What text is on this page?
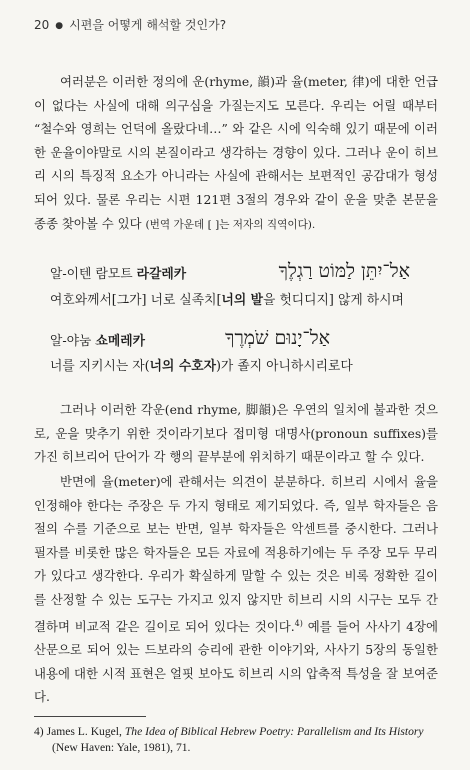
20 ● 시편을 어떻게 해석할 것인가?
여러분은 이러한 정의에 운(rhyme, 韻)과 율(meter, 律)에 대한 언급이 없다는 사실에 대해 의구심을 가질는지도 모른다. 우리는 어릴 때부터 “철수와 영희는 언덕에 올랐다네…” 와 같은 시에 익숙해 있기 때문에 이러한 운율이야말로 시의 본질이라고 생각하는 경향이 있다. 그러나 운이 히브리 시의 특징적 요소가 아니라는 사실에 관해서는 보편적인 공감대가 형성되어 있다. 물론 우리는 시편 121편 3절의 경우와 같이 운을 맞춘 본문을 종종 찾아볼 수 있다 (번역 가운데 [ ]는 저자의 직역이다).
알-이텐 람모트 라갈레카	אַל־יִתֵּן לַמּוֹט רַגְלֶךָ
여호와께서[그가] 너로 실족치[너의 발을 헛디디지] 않게 하시며
알-야눔 쇼메레카	אַל־יָנוּם שֹׁמְרֶךָ
너를 지키시는 자(너의 수호자)가 졸지 아니하시리로다
그러나 이러한 각운(end rhyme, 脚韻)은 우연의 일치에 불과한 것으로, 운을 맞추기 위한 것이라기보다 접미형 대명사(pronoun suffixes)를 가진 히브리어 단어가 각 행의 끝부분에 위치하기 때문이라고 할 수 있다.
반면에 율(meter)에 관해서는 의견이 분분하다. 히브리 시에서 율을 인정해야 한다는 주장은 두 가지 형태로 제기되었다. 즉, 일부 학자들은 음절의 수를 기준으로 보는 반면, 일부 학자들은 악센트를 중시한다. 그러나 필자를 비롯한 많은 학자들은 모든 자료에 적용하기에는 두 주장 모두 무리가 있다고 생각한다. 우리가 확실하게 말할 수 있는 것은 비록 정확한 길이를 산정할 수 있는 도구는 가지고 있지 않지만 히브리 시의 시구는 모두 간결하며 비교적 같은 길이로 되어 있다는 것이다.$^{4)}$ 예를 들어 사사기 4장에 산문으로 되어 있는 드보라의 승리에 관한 이야기와, 사사기 5장의 동일한 내용에 대한 시적 표현은 얼핏 보아도 히브리 시의 압축적 특성을 잘 보여준다.
4) James L. Kugel, The Idea of Biblical Hebrew Poetry: Parallelism and Its History
(New Haven: Yale, 1981), 71.
